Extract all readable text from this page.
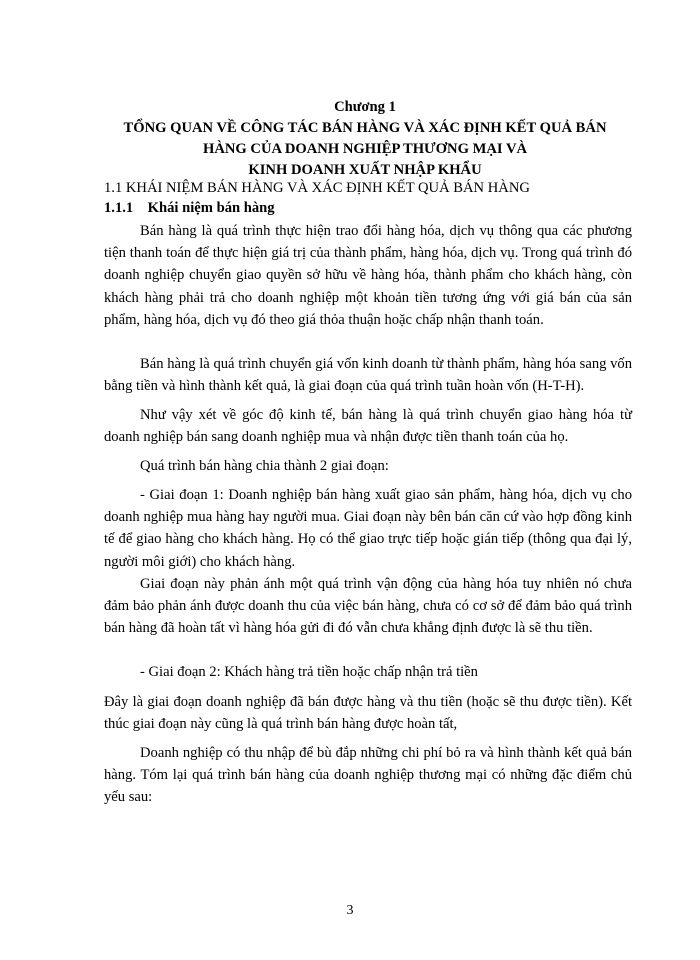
Chương 1
TỔNG QUAN VỀ CÔNG TÁC BÁN HÀNG VÀ XÁC ĐỊNH KẾT QUẢ BÁN
HÀNG CỦA DOANH NGHIỆP THƯƠNG MẠI VÀ
KINH DOANH XUẤT NHẬP KHẨU
1.1 KHÁI NIỆM BÁN HÀNG VÀ XÁC ĐỊNH KẾT QUẢ BÁN HÀNG
1.1.1 Khái niệm bán hàng

Bán hàng là quá trình thực hiện trao đổi hàng hóa, dịch vụ thông qua các phương tiện thanh toán để thực hiện giá trị của thành phẩm, hàng hóa, dịch vụ. Trong quá trình đó doanh nghiệp chuyển giao quyền sở hữu về hàng hóa, thành phẩm cho khách hàng, còn khách hàng phải trả cho doanh nghiệp một khoản tiền tương ứng với giá bán của sản phẩm, hàng hóa, dịch vụ đó theo giá thỏa thuận hoặc chấp nhận thanh toán.

Bán hàng là quá trình chuyển giá vốn kinh doanh từ thành phẩm, hàng hóa sang vốn bằng tiền và hình thành kết quả, là giai đoạn của quá trình tuần hoàn vốn (H-T-H).

Như vậy xét về góc độ kinh tế, bán hàng là quá trình chuyển giao hàng hóa từ doanh nghiệp bán sang doanh nghiệp mua và nhận được tiền thanh toán của họ.

Quá trình bán hàng chia thành 2 giai đoạn:

- Giai đoạn 1: Doanh nghiệp bán hàng xuất giao sản phẩm, hàng hóa, dịch vụ cho doanh nghiệp mua hàng hay người mua. Giai đoạn này bên bán căn cứ vào hợp đồng kinh tế để giao hàng cho khách hàng. Họ có thể giao trực tiếp hoặc gián tiếp (thông qua đại lý, người môi giới) cho khách hàng.

Giai đoạn này phản ánh một quá trình vận động của hàng hóa tuy nhiên nó chưa đảm bảo phản ánh được doanh thu của việc bán hàng, chưa có cơ sở để đảm bảo quá trình bán hàng đã hoàn tất vì hàng hóa gửi đi đó vẫn chưa khẳng định được là sẽ thu tiền.

- Giai đoạn 2: Khách hàng trả tiền hoặc chấp nhận trả tiền

Đây là giai đoạn doanh nghiệp đã bán được hàng và thu tiền (hoặc sẽ thu được tiền). Kết thúc giai đoạn này cũng là quá trình bán hàng được hoàn tất,

Doanh nghiệp có thu nhập để bù đắp những chi phí bỏ ra và hình thành kết quả bán hàng. Tóm lại quá trình bán hàng của doanh nghiệp thương mại có những đặc điểm chủ yếu sau:

3
